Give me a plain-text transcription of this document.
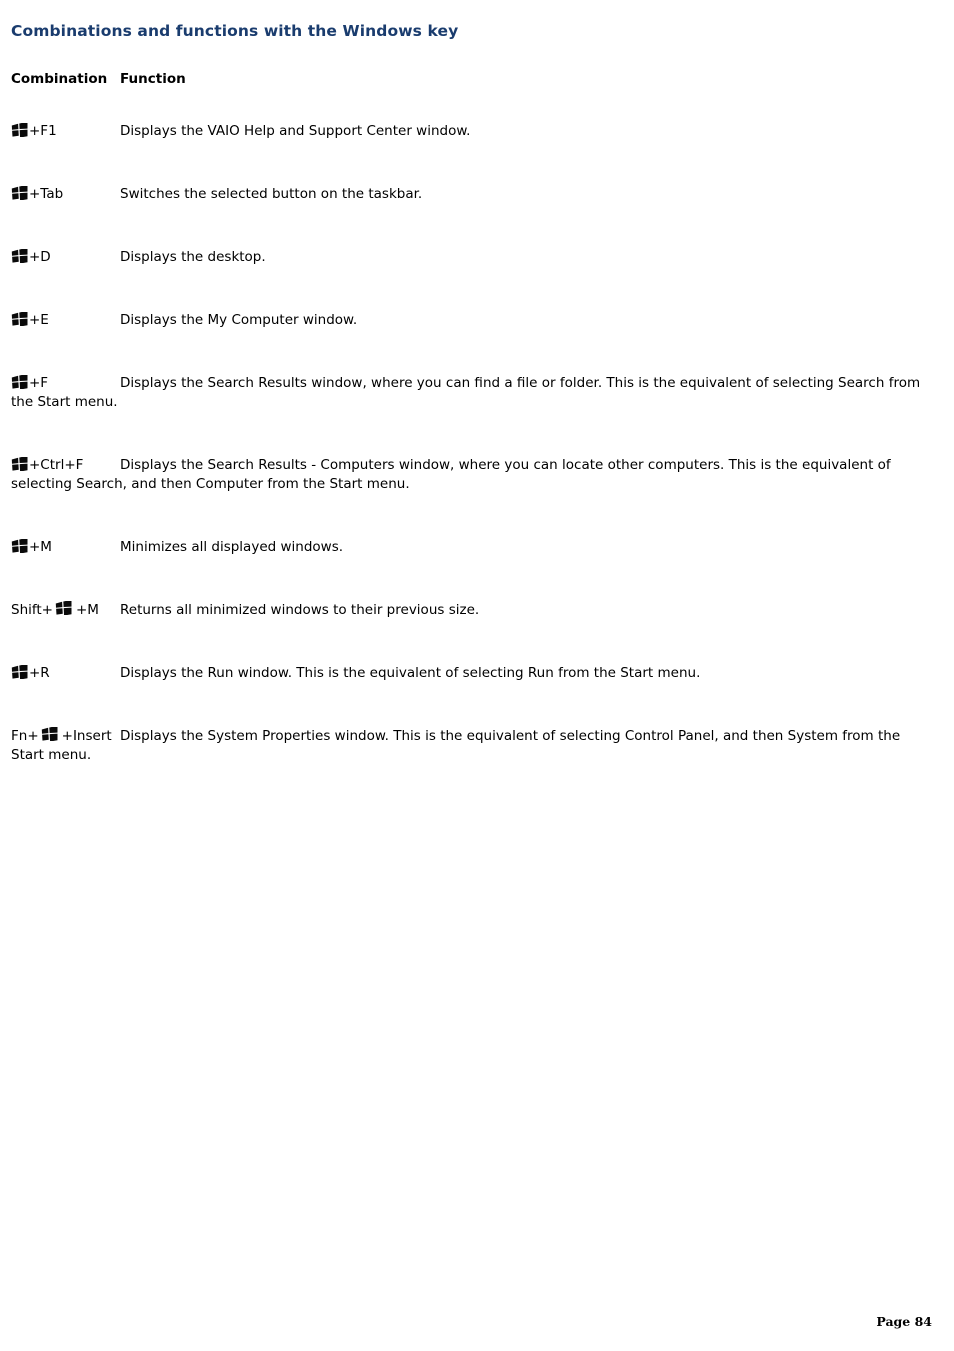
Combinations and functions with the Windows key
Combination Function
+F1	Displays the VAIO Help and Support Center window.
+Tab	Switches the selected button on the taskbar.
+D	Displays the desktop.
+E	Displays the My Computer window.
+F	Displays the Search Results window, where you can find a file or folder. This is the equivalent of selecting Search from the Start menu.
+Ctrl+F	Displays the Search Results - Computers window, where you can locate other computers. This is the equivalent of selecting Search, and then Computer from the Start menu.
+M	Minimizes all displayed windows.
Shift+ +M Returns all minimized windows to their previous size.
+R	Displays the Run window. This is the equivalent of selecting Run from the Start menu.
Fn+ +Insert Displays the System Properties window. This is the equivalent of selecting Control Panel, and then System from the Start menu.
Page 84
